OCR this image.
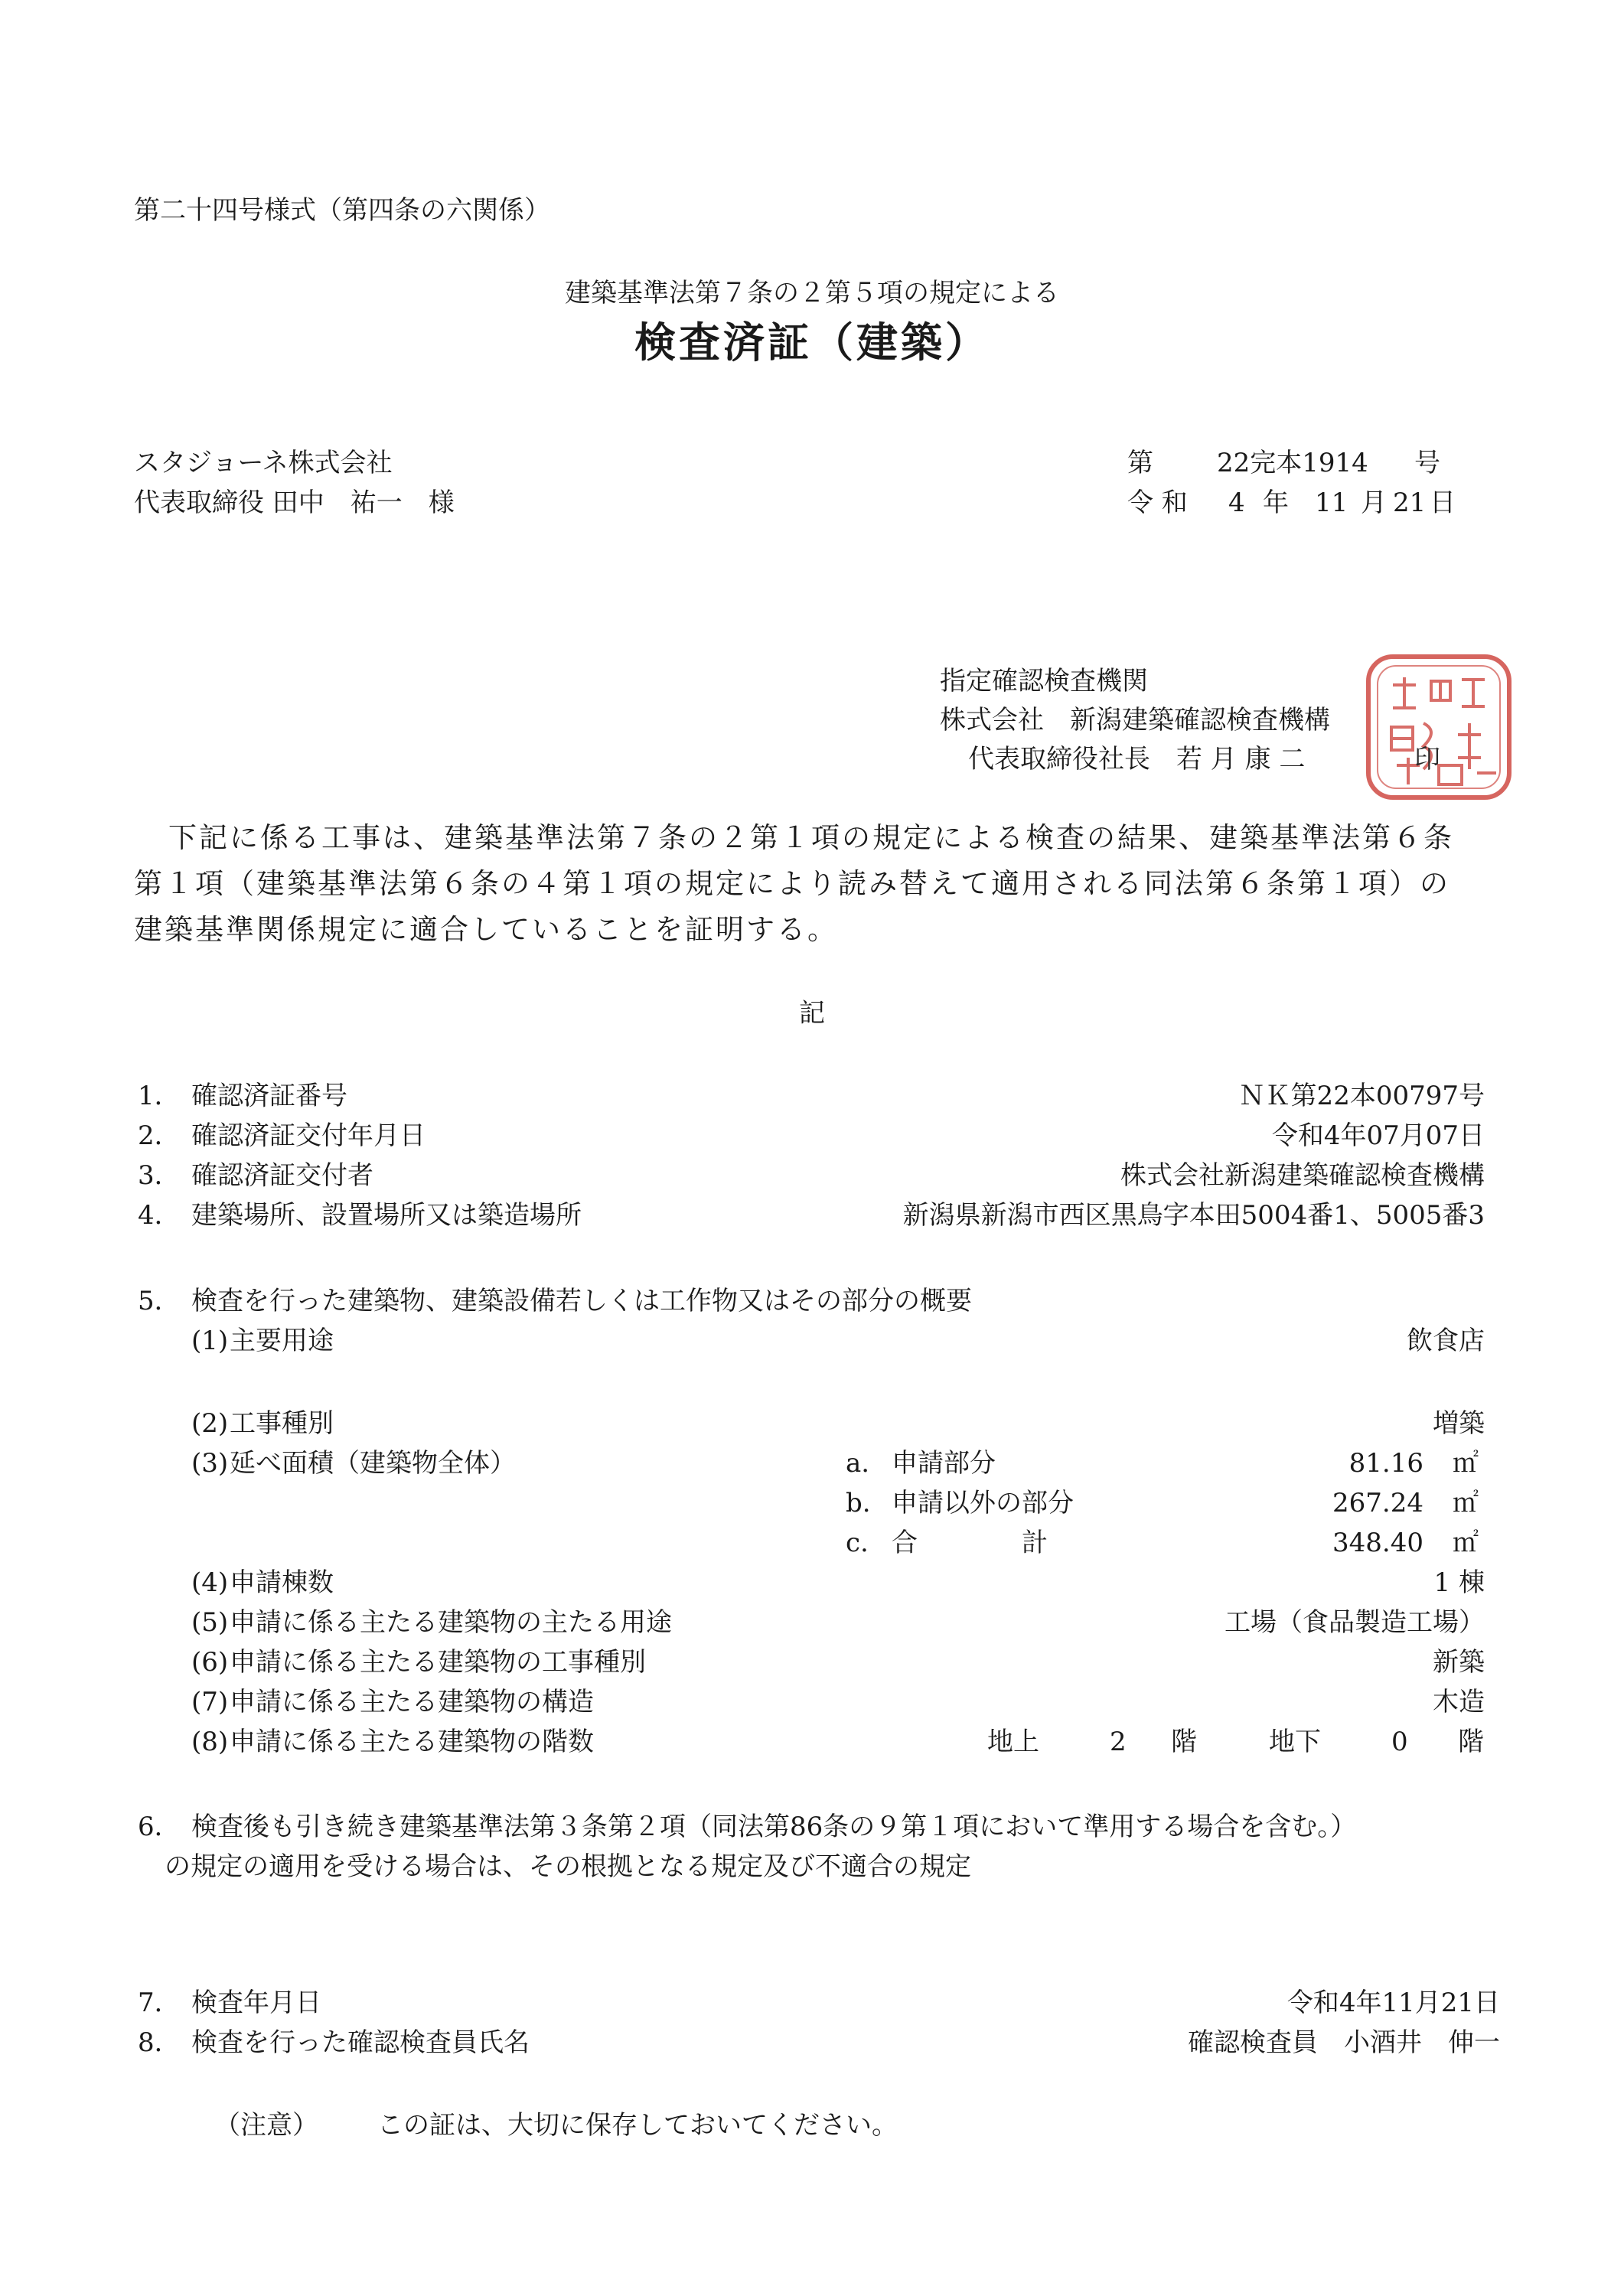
第二十四号様式（第四条の六関係）
建築基準法第７条の２第５項の規定による
検査済証（建築）
スタジョーネ株式会社
代表取締役 田中　祐一　様
第 22完本1914 号
令 和 4 年 11 月 21 日
指定確認検査機関
株式会社　新潟建築確認検査機構
代表取締役社長　若 月 康 二	印
下記に係る工事は、建築基準法第７条の２第１項の規定による検査の結果、建築基準法第６条
第１項（建築基準法第６条の４第１項の規定により読み替えて適用される同法第６条第１項）の
建築基準関係規定に適合していることを証明する。
記
1． 確認済証番号	ＮＫ第22本00797号
2． 確認済証交付年月日	令和4年07月07日
3． 確認済証交付者	株式会社新潟建築確認検査機構
4． 建築場所、設置場所又は築造場所	新潟県新潟市西区黒鳥字本田5004番1、5005番3
5． 検査を行った建築物、建築設備若しくは工作物又はその部分の概要
(1) 主要用途	飲食店
(2) 工事種別	増築
(3) 延べ面積（建築物全体）	a. 申請部分	81.16 ㎡
b. 申請以外の部分	267.24 ㎡
c. 合　　　　計	348.40 ㎡
(4) 申請棟数	1 棟
(5) 申請に係る主たる建築物の主たる用途	工場（食品製造工場）
(6) 申請に係る主たる建築物の工事種別	新築
(7) 申請に係る主たる建築物の構造	木造
(8) 申請に係る主たる建築物の階数	地上	2 階	地下	0 階
6． 検査後も引き続き建築基準法第３条第２項（同法第86条の９第１項において準用する場合を含む。）
の規定の適用を受ける場合は、その根拠となる規定及び不適合の規定
7． 検査年月日	令和4年11月21日
8． 検査を行った確認検査員氏名	確認検査員　小酒井　伸一
（注意） この証は、大切に保存しておいてください。
